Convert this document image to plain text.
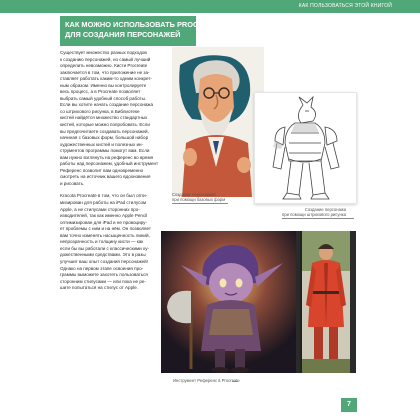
КАК ПОЛЬЗОВАТЬСЯ ЭТОЙ КНИГОЙ
КАК МОЖНО ИСПОЛЬЗОВАТЬ PROCREATE
ДЛЯ СОЗДАНИЯ ПЕРСОНАЖЕЙ
Существует множество разных подходов
к созданию персонажей, но самый лучший
определить невозможно. Кисти Procreate
заключается в том, что приложение не за-
ставляет работать каким-то одним конкрет-
ным образом. Именно вы контролируете
весь процесс, а в Procreate позволяет
выбрать самый удобный способ работы.
Если вы хотите начать создание персонажа
со штрихового рисунка, в Библиотеке
кистей найдётся множество стандартных
кистей, которые можно попробовать. Если
вы предпочитаете создавать персонажей,
начиная с базовых форм, большой набор
художественных кистей и полезных ин-
струментов программы помогут вам. Если
вам нужно взглянуть на референс во время
работы над персонажем, удобный инструмент
Референс позволит вам одновременно
смотреть на источник вашего вдохновения
и рисовать.
Kracota Procreate в том, что он был опти-
мизирован для работы на iPad стилусом
Apple, а не стилусами сторонних про-
изводителей, так как именно Apple Pencil
оптимизирован для iPad и не провоциру-
ет проблемы с ним и на нём. Он позволяет
вам точно изменять насыщенность линий,
непрозрачность и толщину кисти — как
если бы вы работали с классическими ху-
дожественными средствами. Это в разы
улучшит ваш опыт создания персонажей!
Однако на первом этапе освоения про-
граммы выможете захотеть пользоваться
сторонним стилусами — или пока не ре-
шите попытаться на стилус от Apple.
Создание персонажей
при помощи базовых форм
Создание персонажа
при помощи штрихового рисунка
Инструмент Референс в Procreate
7
